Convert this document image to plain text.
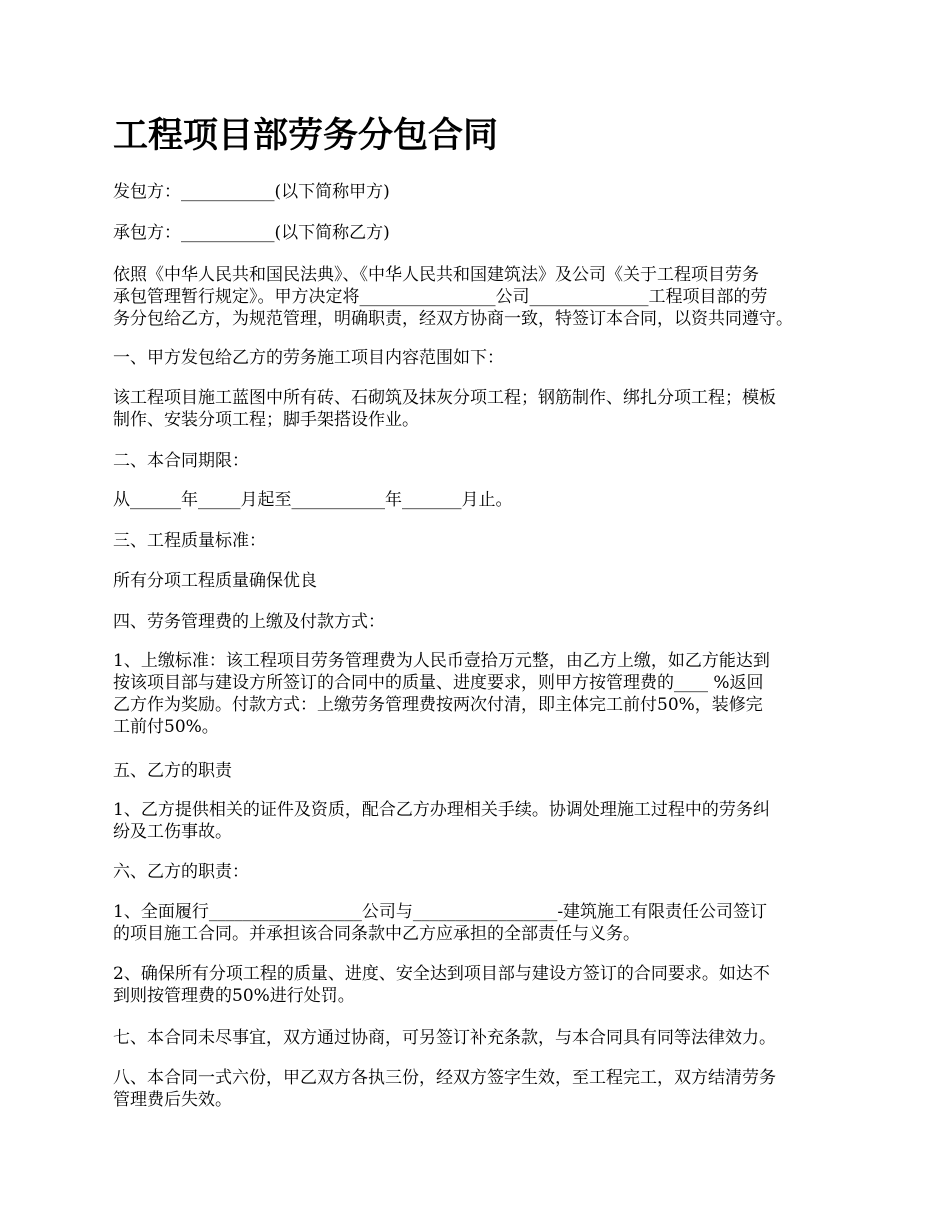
工程项目部劳务分包合同

发包方：___________(以下简称甲方)

承包方：___________(以下简称乙方)

依照《中华人民共和国民法典》、《中华人民共和国建筑法》及公司《关于工程项目劳务
承包管理暂行规定》。甲方决定将________________公司______________工程项目部的劳
务分包给乙方，为规范管理，明确职责，经双方协商一致，特签订本合同，以资共同遵守。

一、甲方发包给乙方的劳务施工项目内容范围如下：

该工程项目施工蓝图中所有砖、石砌筑及抹灰分项工程；钢筋制作、绑扎分项工程；模板
制作、安装分项工程；脚手架搭设作业。

二、本合同期限：

从______年_____月起至___________年_______月止。

三、工程质量标准：

所有分项工程质量确保优良

四、劳务管理费的上缴及付款方式：

1、上缴标准：该工程项目劳务管理费为人民币壹拾万元整，由乙方上缴，如乙方能达到
按该项目部与建设方所签订的合同中的质量、进度要求，则甲方按管理费的____ %返回
乙方作为奖励。付款方式：上缴劳务管理费按两次付清，即主体完工前付50%，装修完
工前付50%。

五、乙方的职责

1、乙方提供相关的证件及资质，配合乙方办理相关手续。协调处理施工过程中的劳务纠
纷及工伤事故。

六、乙方的职责：

1、全面履行__________________公司与_________________-建筑施工有限责任公司签订
的项目施工合同。并承担该合同条款中乙方应承担的全部责任与义务。

2、确保所有分项工程的质量、进度、安全达到项目部与建设方签订的合同要求。如达不
到则按管理费的50%进行处罚。

七、本合同未尽事宜，双方通过协商，可另签订补充条款，与本合同具有同等法律效力。

八、本合同一式六份，甲乙双方各执三份，经双方签字生效，至工程完工，双方结清劳务
管理费后失效。
